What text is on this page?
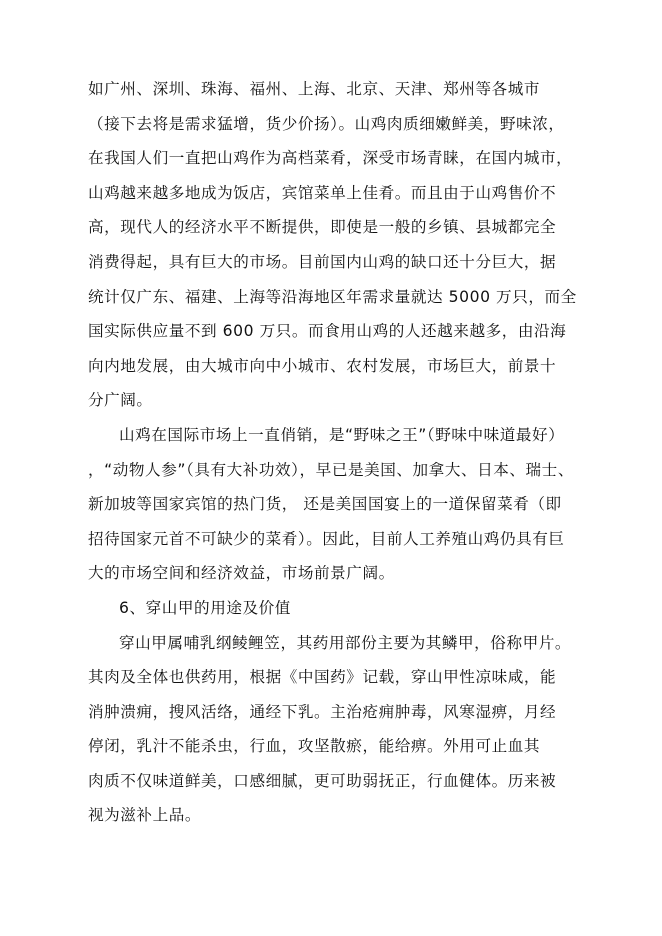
如广州、深圳、珠海、福州、上海、北京、天津、郑州等各城市
（接下去将是需求猛增，货少价扬）。山鸡肉质细嫩鲜美，野味浓，
在我国人们一直把山鸡作为高档菜肴，深受市场青睐，在国内城市，
山鸡越来越多地成为饭店，宾馆菜单上佳肴。而且由于山鸡售价不
高，现代人的经济水平不断提供，即使是一般的乡镇、县城都完全
消费得起，具有巨大的市场。目前国内山鸡的缺口还十分巨大，据
统计仅广东、福建、上海等沿海地区年需求量就达 5000 万只，而全
国实际供应量不到 600 万只。而食用山鸡的人还越来越多，由沿海
向内地发展，由大城市向中小城市、农村发展，市场巨大，前景十
分广阔。
山鸡在国际市场上一直俏销，是“野味之王”（野味中味道最好）
，“动物人参”（具有大补功效），早已是美国、加拿大、日本、瑞士、
新加坡等国家宾馆的热门货， 还是美国国宴上的一道保留菜肴（即
招待国家元首不可缺少的菜肴）。因此，目前人工养殖山鸡仍具有巨
大的市场空间和经济效益，市场前景广阔。
6、穿山甲的用途及价值
穿山甲属哺乳纲鲮鲤笠，其药用部份主要为其鳞甲，俗称甲片。
其肉及全体也供药用，根据《中国药》记载，穿山甲性凉味咸，能
消肿溃痈，搜风活络，通经下乳。主治疮痈肿毒，风寒湿痹，月经
停闭，乳汁不能杀虫，行血，攻坚散瘀，能给痹。外用可止血其
肉质不仅味道鲜美，口感细腻，更可助弱抚正，行血健体。历来被
视为滋补上品。
